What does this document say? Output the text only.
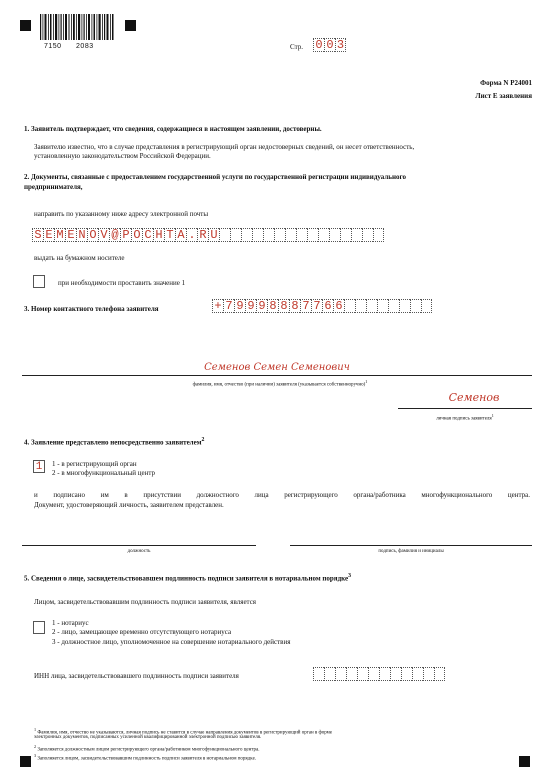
7150 2083	Стр. 0 0 3
Форма N Р24001
Лист Е заявления
1. Заявитель подтверждает, что сведения, содержащиеся в настоящем заявлении, достоверны.
Заявителю известно, что в случае представления в регистрирующий орган недостоверных сведений, он несет ответственность,
установленную законодательством Российской Федерации.
2. Документы, связанные с предоставлением государственной услуги по государственной регистрации индивидуального
предпринимателя,
направить по указанному ниже адресу электронной почты
S E M E N O V @ P O C H T A . R U
выдать на бумажном носителе
при необходимости проставить значение 1
3. Номер контактного телефона заявителя	+ 7 9 9 9 8 8 8 7 7 6 6
Семенов Семен Семенович
фамилия, имя, отчество (при наличии) заявителя (указывается собственноручно)$^1$
Семенов
личная подпись заявителя$^1$
4. Заявление представлено непосредственно заявителем$^2$
1	1 - в регистрирующий орган
2 - в многофункциональный центр
и подписано им в присутствии должностного лица регистрирующего органа/работника многофункционального центра.
Документ, удостоверяющий личность, заявителем представлен.
должность	подпись, фамилия и инициалы
5. Сведения о лице, засвидетельствовавшем подлинность подписи заявителя в нотариальном порядке$^3$
Лицом, засвидетельствовавшим подлинность подписи заявителя, является
1 - нотариус
2 - лицо, замещающее временно отсутствующего нотариуса
3 - должностное лицо, уполномоченное на совершение нотариального действия
ИНН лица, засвидетельствовавшего подлинность подписи заявителя
$^1$ Фамилия, имя, отчество не указываются, личная подпись не ставится в случае направления документов в регистрирующий орган в форме
электронных документов, подписанных усиленной квалифицированной электронной подписью заявителя.
$^2$ Заполняется должностным лицом регистрирующего органа/работником многофункционального центра.
$^3$ Заполняется лицом, засвидетельствовавшим подлинность подписи заявителя в нотариальном порядке.
